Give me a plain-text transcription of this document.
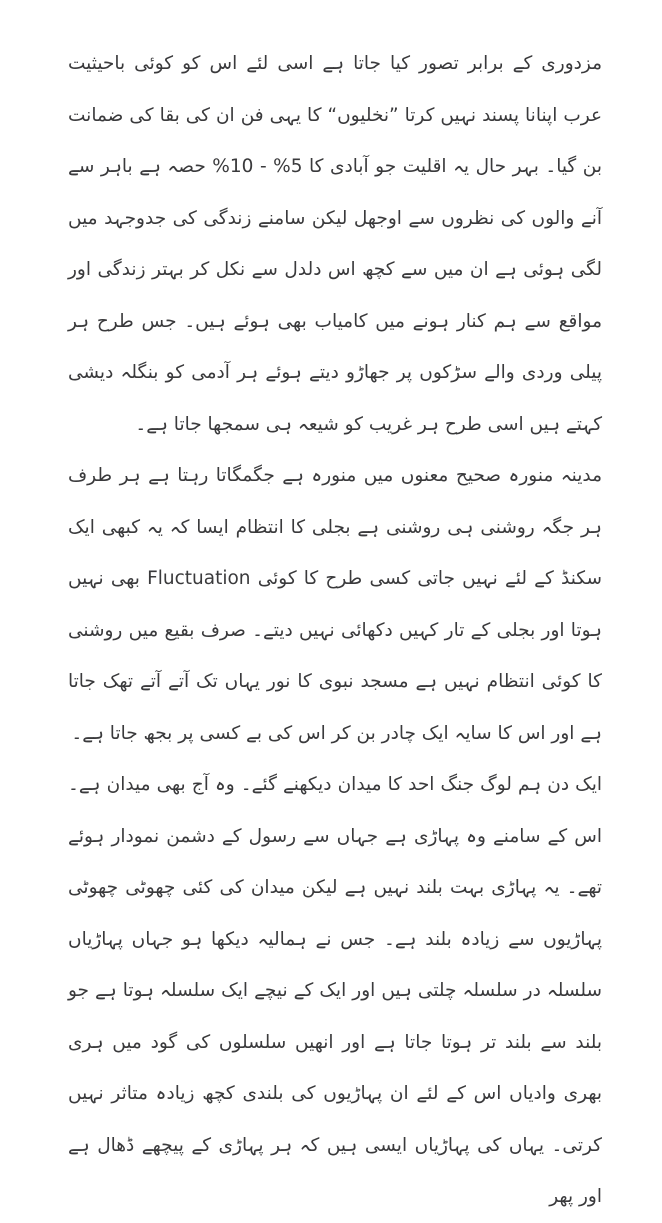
مزدوری کے برابر تصور کیا جاتا ہے اسی لئے اس کو کوئی باحیثیت عرب اپنانا پسند نہیں کرتا ”نخلیوں“ کا یہی فن ان کی بقا کی ضمانت بن گیا۔ بہر حال یہ اقلیت جو آبادی کا 5% - 10% حصہ ہے باہر سے آنے والوں کی نظروں سے اوجھل لیکن سامنے زندگی کی جدوجہد میں لگی ہوئی ہے ان میں سے کچھ اس دلدل سے نکل کر بہتر زندگی اور مواقع سے ہم کنار ہونے میں کامیاب بھی ہوئے ہیں۔ جس طرح ہر پیلی وردی والے سڑکوں پر جھاڑو دیتے ہوئے ہر آدمی کو بنگلہ دیشی کہتے ہیں اسی طرح ہر غریب کو شیعہ ہی سمجھا جاتا ہے۔

مدینہ منورہ صحیح معنوں میں منورہ ہے جگمگاتا رہتا ہے ہر طرف ہر جگہ روشنی ہی روشنی ہے بجلی کا انتظام ایسا کہ یہ کبھی ایک سکنڈ کے لئے نہیں جاتی کسی طرح کا کوئی Fluctuation بھی نہیں ہوتا اور بجلی کے تار کہیں دکھائی نہیں دیتے۔ صرف بقیع میں روشنی کا کوئی انتظام نہیں ہے مسجد نبوی کا نور یہاں تک آتے آتے تھک جاتا ہے اور اس کا سایہ ایک چادر بن کر اس کی بے کسی پر بجھ جاتا ہے۔

ایک دن ہم لوگ جنگ احد کا میدان دیکھنے گئے۔ وہ آج بھی میدان ہے۔ اس کے سامنے وہ پہاڑی ہے جہاں سے رسول کے دشمن نمودار ہوئے تھے۔ یہ پہاڑی بہت بلند نہیں ہے لیکن میدان کی کئی چھوٹی چھوٹی پہاڑیوں سے زیادہ بلند ہے۔ جس نے ہمالیہ دیکھا ہو جہاں پہاڑیاں سلسلہ در سلسلہ چلتی ہیں اور ایک کے نیچے ایک سلسلہ ہوتا ہے جو بلند سے بلند تر ہوتا جاتا ہے اور انھیں سلسلوں کی گود میں ہری بھری وادیاں اس کے لئے ان پہاڑیوں کی بلندی کچھ زیادہ متاثر نہیں کرتی۔ یہاں کی پہاڑیاں ایسی ہیں کہ ہر پہاڑی کے پیچھے ڈھال ہے اور پھر
